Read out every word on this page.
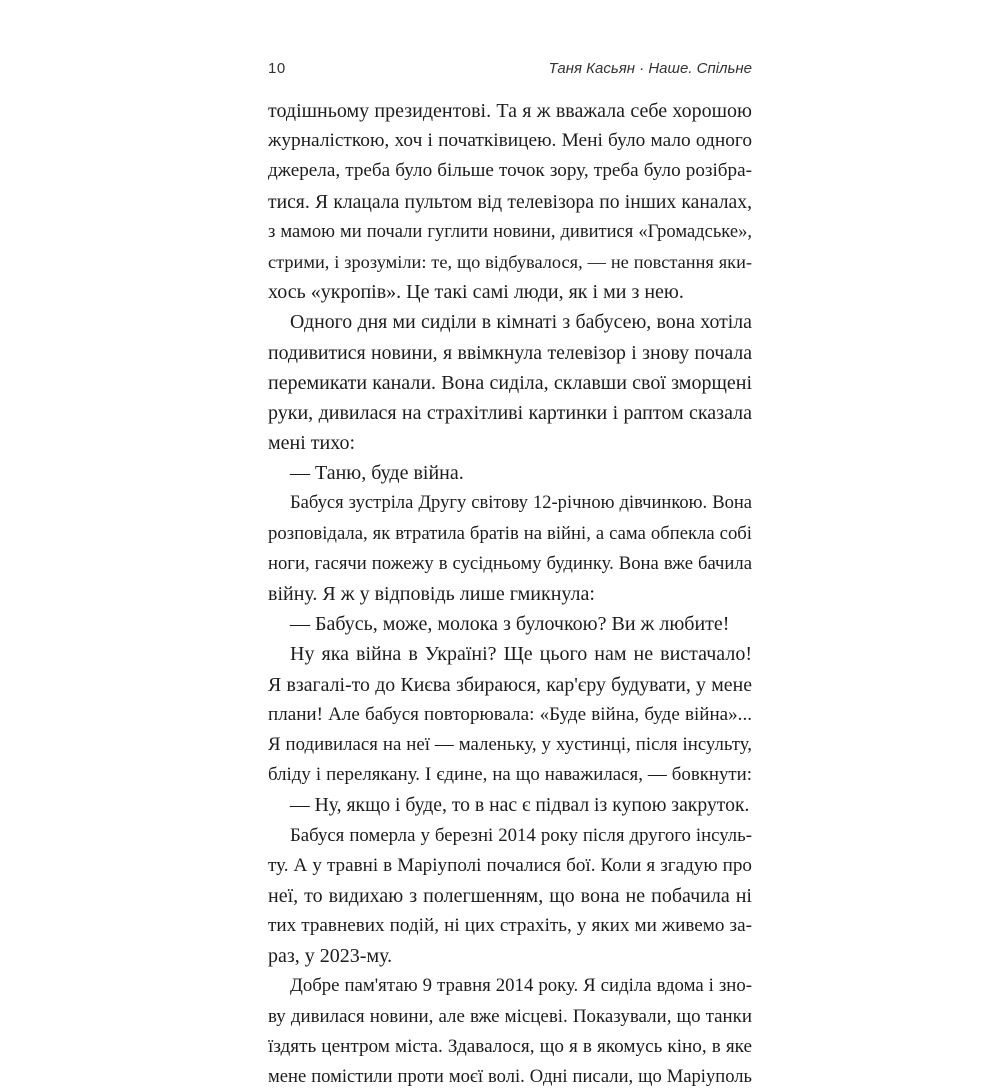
10	Таня Касьян · Наше. Спільне
тодішньому президентові. Та я ж вважала себе хорошою
журналісткою, хоч і початківицею. Мені було мало одного
джерела, треба було більше точок зору, треба було розібра-
тися. Я клацала пультом від телевізора по інших каналах,
з мамою ми почали гуглити новини, дивитися «Громадське»,
стрими, і зрозуміли: те, що відбувалося, — не повстання яки-
хось «укропів». Це такі самі люди, як і ми з нею.
Одного дня ми сиділи в кімнаті з бабусею, вона хотіла
подивитися новини, я ввімкнула телевізор і знову почала
перемикати канали. Вона сиділа, склавши свої зморщені
руки, дивилася на страхітливі картинки і раптом сказала
мені тихо:
— Таню, буде війна.
Бабуся зустріла Другу світову 12-річною дівчинкою. Вона
розповідала, як втратила братів на війні, а сама обпекла собі
ноги, гасячи пожежу в сусідньому будинку. Вона вже бачила
війну. Я ж у відповідь лише гмикнула:
— Бабусь, може, молока з булочкою? Ви ж любите!
Ну яка війна в Україні? Ще цього нам не вистачало!
Я взагалі-то до Києва збираюся, кар'єру будувати, у мене
плани! Але бабуся повторювала: «Буде війна, буде війна»...
Я подивилася на неї — маленьку, у хустинці, після інсульту,
бліду і перелякану. І єдине, на що наважилася, — бовкнути:
— Ну, якщо і буде, то в нас є підвал із купою закруток.
Бабуся померла у березні 2014 року після другого інсуль-
ту. А у травні в Маріуполі почалися бої. Коли я згадую про
неї, то видихаю з полегшенням, що вона не побачила ні
тих травневих подій, ні цих страхіть, у яких ми живемо за-
раз, у 2023-му.
Добре пам'ятаю 9 травня 2014 року. Я сиділа вдома і зно-
ву дивилася новини, але вже місцеві. Показували, що танки
їздять центром міста. Здавалося, що я в якомусь кіно, в яке
мене помістили проти моєї волі. Одні писали, що Маріуполь
